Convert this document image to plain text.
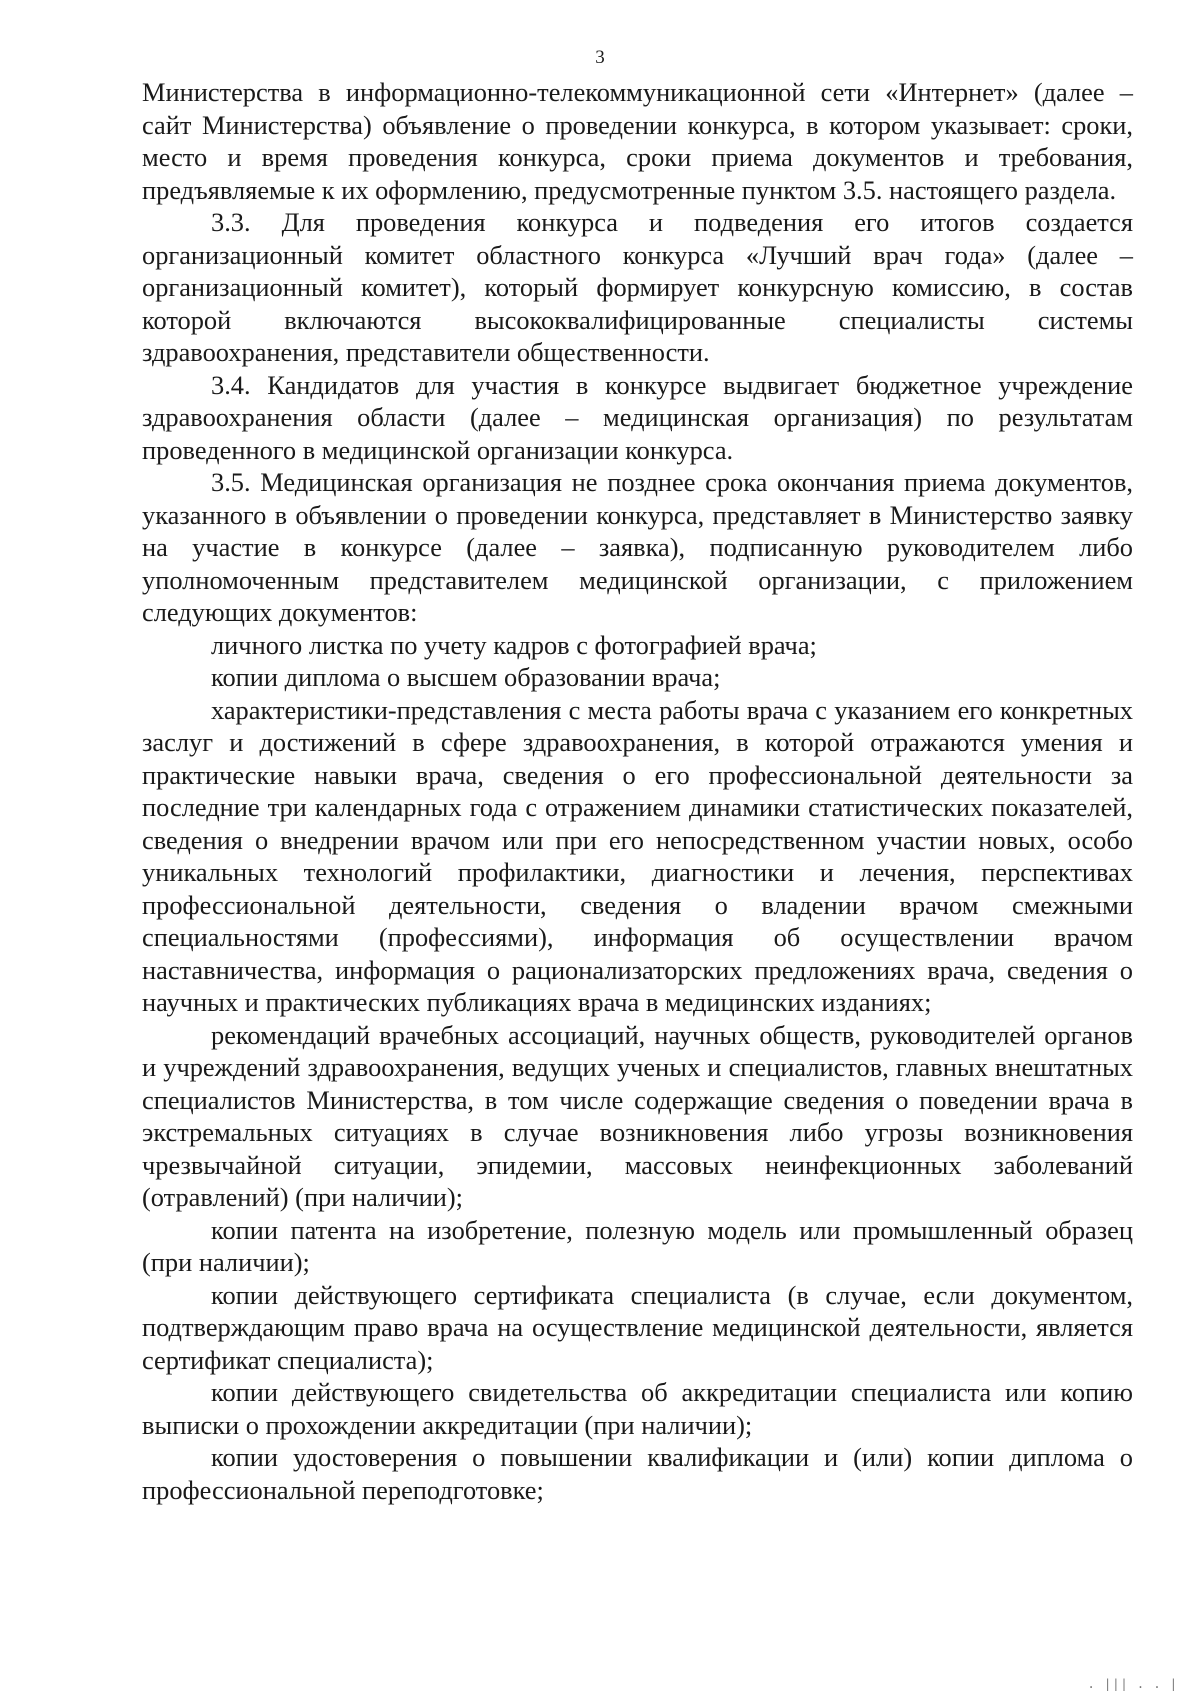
3

Министерства в информационно-телекоммуникационной сети «Интернет» (далее – сайт Министерства) объявление о проведении конкурса, в котором указывает: сроки, место и время проведения конкурса, сроки приема документов и требования, предъявляемые к их оформлению, предусмотренные пунктом 3.5. настоящего раздела.

3.3. Для проведения конкурса и подведения его итогов создается организационный комитет областного конкурса «Лучший врач года» (далее – организационный комитет), который формирует конкурсную комиссию, в состав которой включаются высококвалифицированные специалисты системы здравоохранения, представители общественности.

3.4. Кандидатов для участия в конкурсе выдвигает бюджетное учреждение здравоохранения области (далее – медицинская организация) по результатам проведенного в медицинской организации конкурса.

3.5. Медицинская организация не позднее срока окончания приема документов, указанного в объявлении о проведении конкурса, представляет в Министерство заявку на участие в конкурсе (далее – заявка), подписанную руководителем либо уполномоченным представителем медицинской организации, с приложением следующих документов:

личного листка по учету кадров с фотографией врача;

копии диплома о высшем образовании врача;

характеристики-представления с места работы врача с указанием его конкретных заслуг и достижений в сфере здравоохранения, в которой отражаются умения и практические навыки врача, сведения о его профессиональной деятельности за последние три календарных года с отражением динамики статистических показателей, сведения о внедрении врачом или при его непосредственном участии новых, особо уникальных технологий профилактики, диагностики и лечения, перспективах профессиональной деятельности, сведения о владении врачом смежными специальностями (профессиями), информация об осуществлении врачом наставничества, информация о рационализаторских предложениях врача, сведения о научных и практических публикациях врача в медицинских изданиях;

рекомендаций врачебных ассоциаций, научных обществ, руководителей органов и учреждений здравоохранения, ведущих ученых и специалистов, главных внештатных специалистов Министерства, в том числе содержащие сведения о поведении врача в экстремальных ситуациях в случае возникновения либо угрозы возникновения чрезвычайной ситуации, эпидемии, массовых неинфекционных заболеваний (отравлений) (при наличии);

копии патента на изобретение, полезную модель или промышленный образец (при наличии);

копии действующего сертификата специалиста (в случае, если документом, подтверждающим право врача на осуществление медицинской деятельности, является сертификат специалиста);

копии действующего свидетельства об аккредитации специалиста или копию выписки о прохождении аккредитации (при наличии);

копии удостоверения о повышении квалификации и (или) копии диплома о профессиональной переподготовке;

. ||| . . |
